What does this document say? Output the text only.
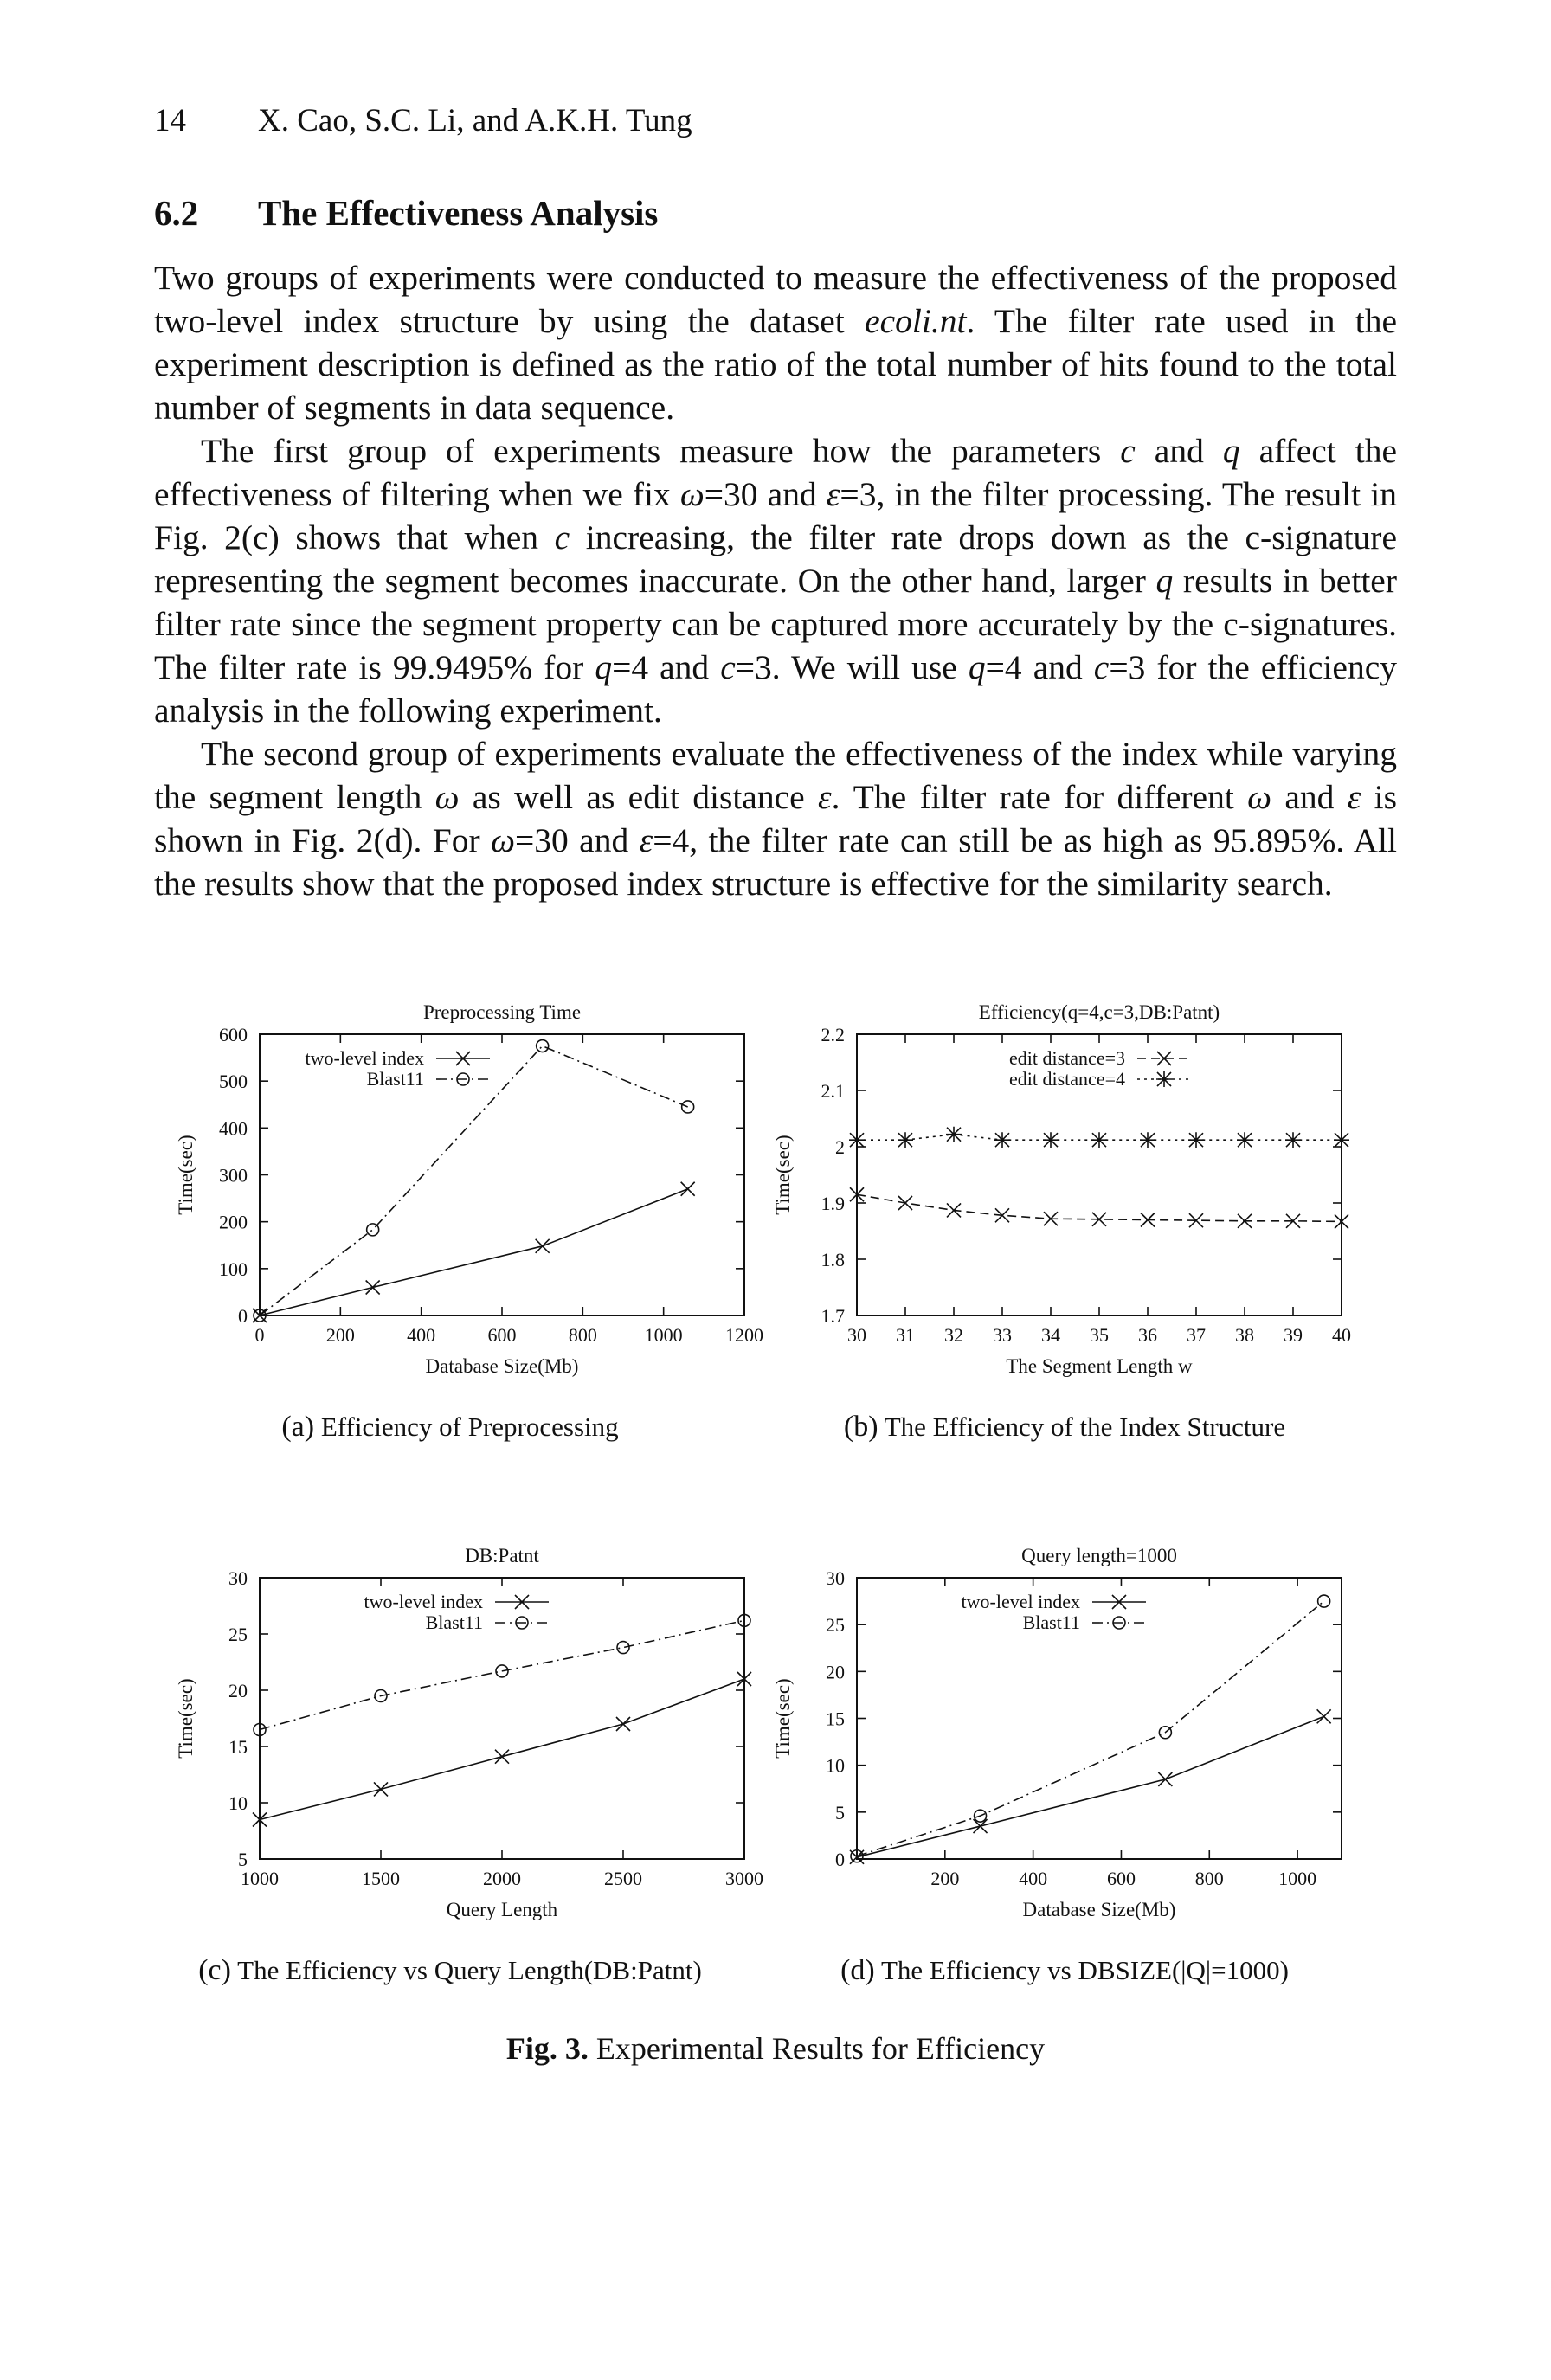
14 X. Cao, S.C. Li, and A.K.H. Tung
6.2 The Effectiveness Analysis

Two groups of experiments were conducted to measure the effectiveness of the proposed two-level index structure by using the dataset ecoli.nt. The filter rate used in the experiment description is defined as the ratio of the total number of hits found to the total number of segments in data sequence.

The first group of experiments measure how the parameters c and q affect the effectiveness of filtering when we fix ω=30 and ε=3, in the filter processing. The result in Fig. 2(c) shows that when c increasing, the filter rate drops down as the c-signature representing the segment becomes inaccurate. On the other hand, larger q results in better filter rate since the segment property can be captured more accurately by the c-signatures. The filter rate is 99.9495% for q=4 and c=3. We will use q=4 and c=3 for the efficiency analysis in the following experiment.

The second group of experiments evaluate the effectiveness of the index while varying the segment length ω as well as edit distance ε. The filter rate for different ω and ε is shown in Fig. 2(d). For ω=30 and ε=4, the filter rate can still be as high as 95.895%. All the results show that the proposed index structure is effective for the similarity search.

Preprocessing Time
0	200	400	600	800 1000 1200
0
100
200
300
400
500
600
Database Size(Mb)
Time(sec)
two-level index
Blast11
Efficiency(q=4,c=3,DB:Patnt)
30 31 32 33 34 35 36 37 38 39 40
1.7
1.8
1.9
2
2.1
2.2
The Segment Length w
Time(sec)
edit distance=3
edit distance=4
DB:Patnt
1000	1500	2000	2500	3000
5
10
15
20
25
30
Query Length
Time(sec)
two-level index
Blast11
Query length=1000
200	400	600	800	1000
0
5
10
15
20
25
30
Database Size(Mb)
Time(sec)
two-level index
Blast11
(a) Efficiency of Preprocessing	(b) The Efficiency of the Index Structure
(c) The Efficiency vs Query Length(DB:Patnt)	(d) The Efficiency vs DBSIZE(|Q|=1000)
Fig. 3. Experimental Results for Efficiency
